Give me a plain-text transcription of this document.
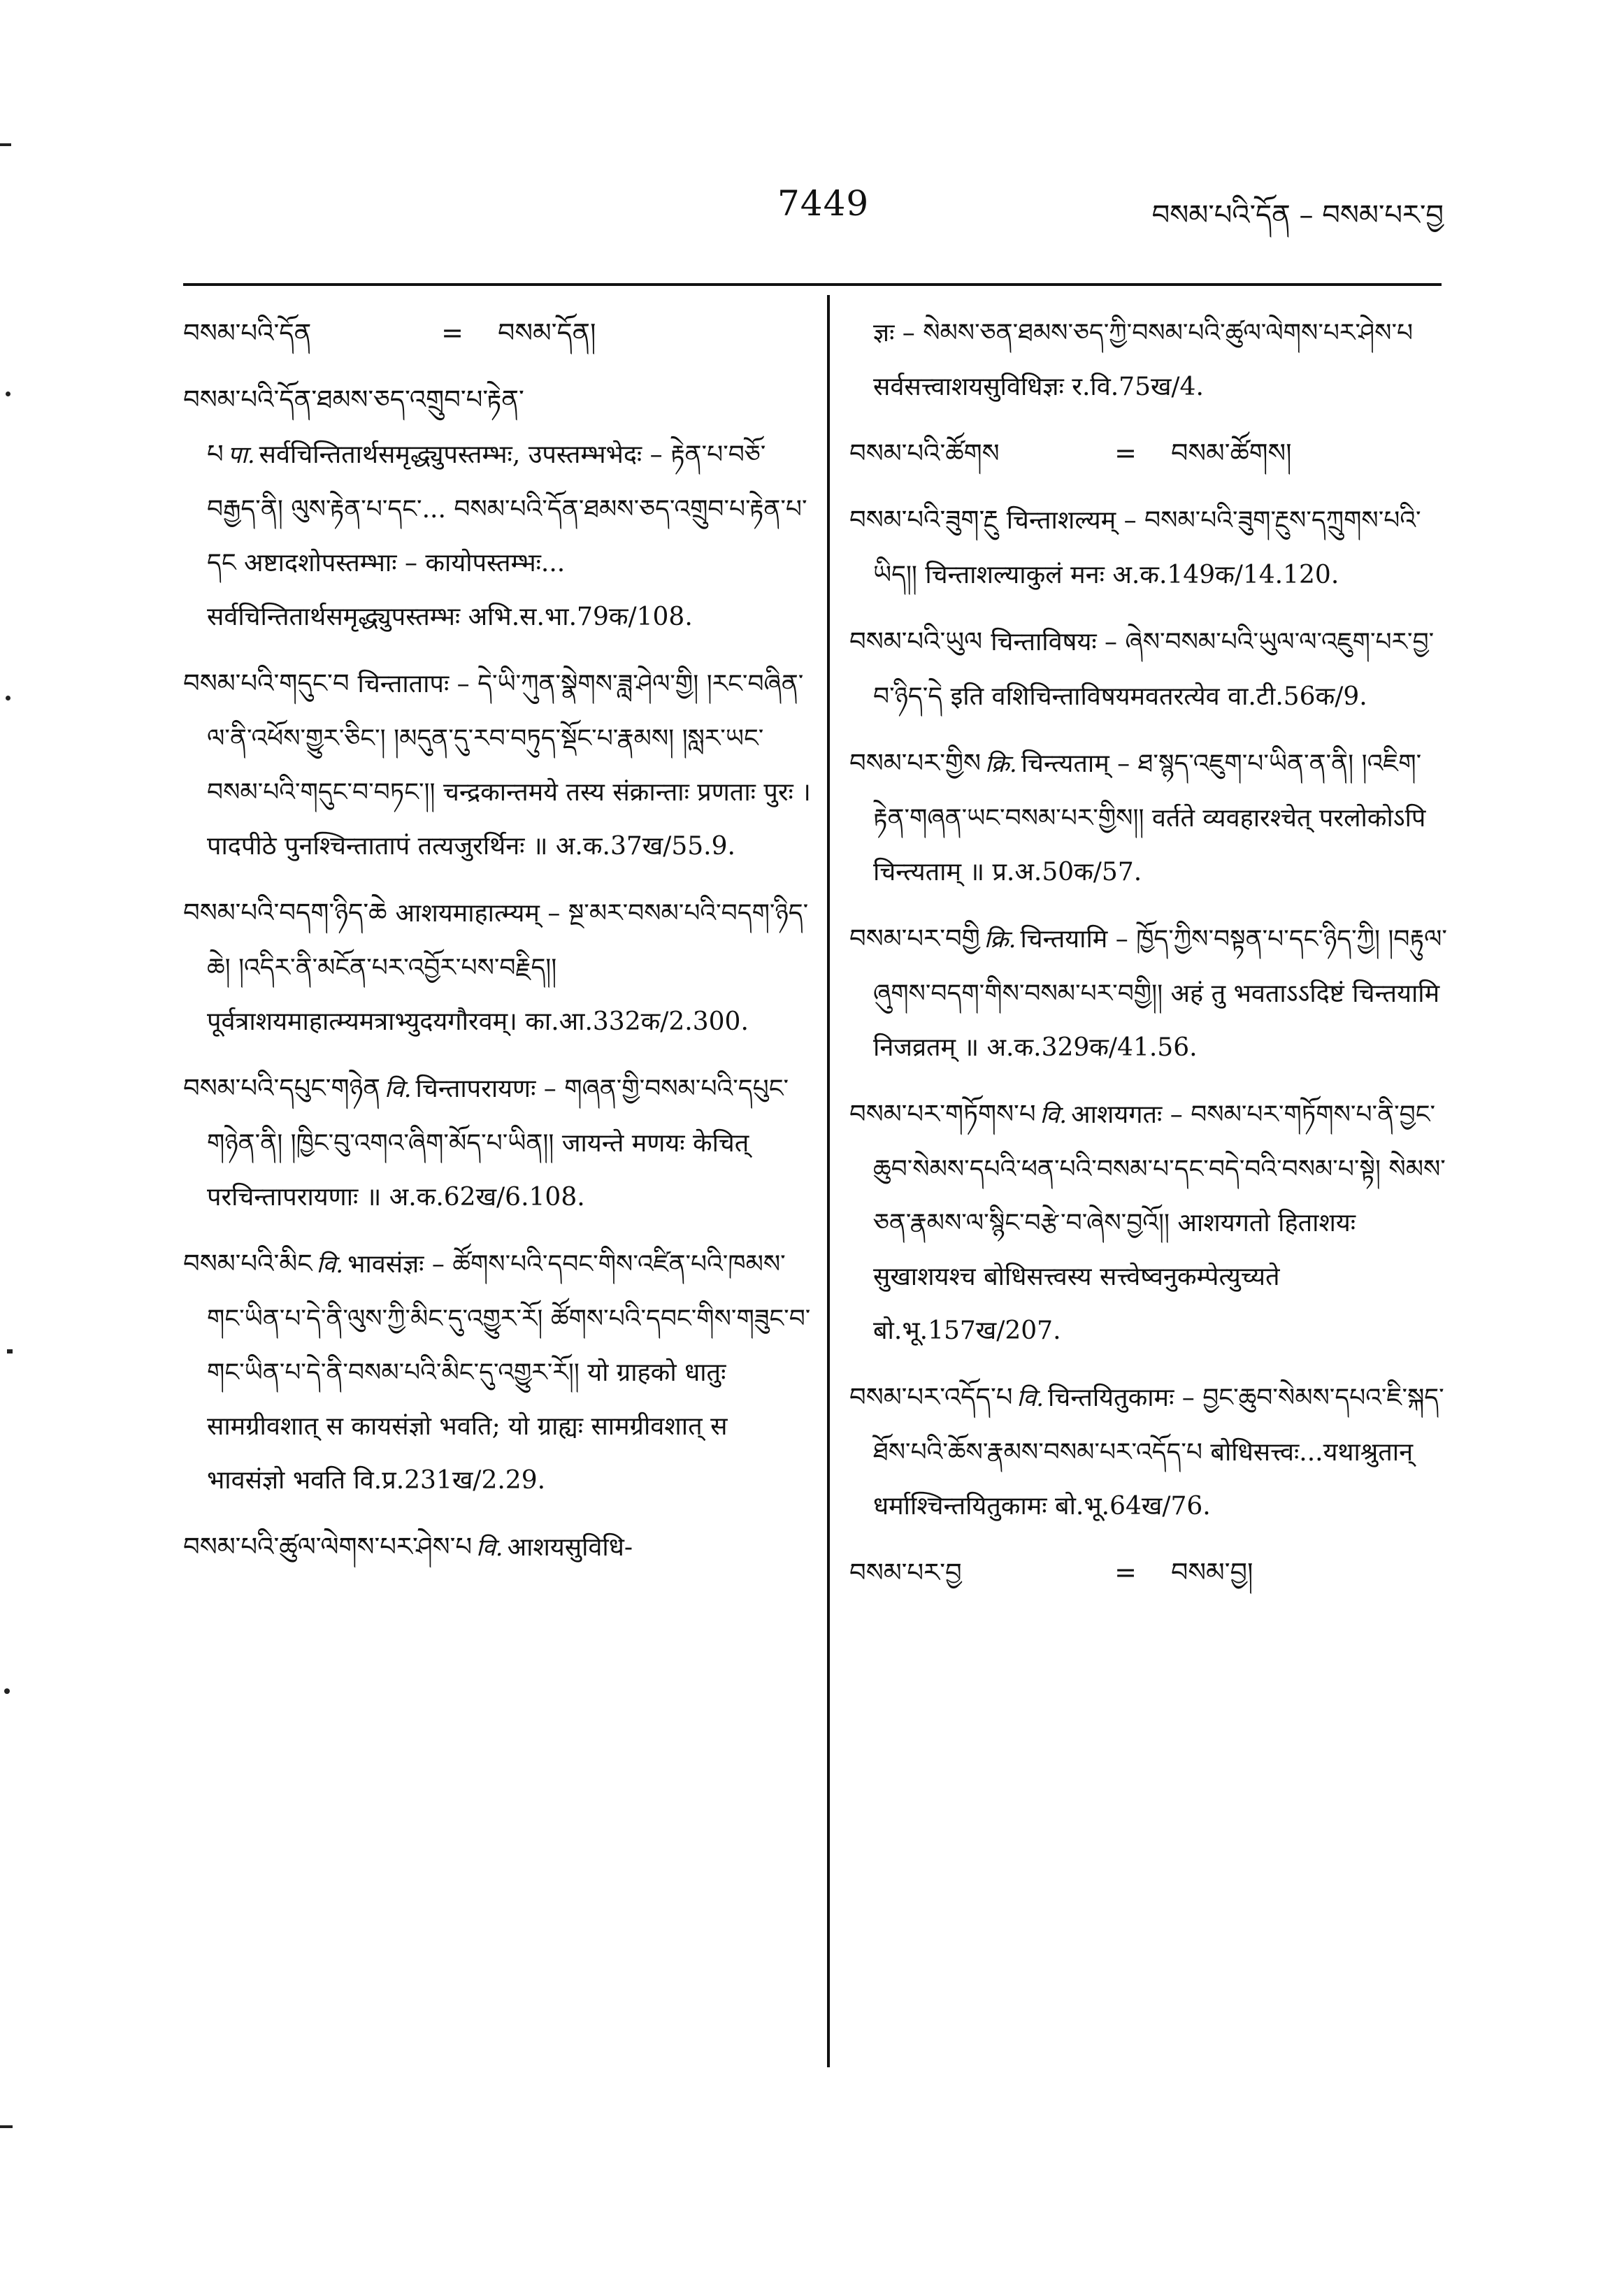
7449	བསམ་པའི་དོན – བསམ་པར་བྱ
བསམ་པའི་དོན	= བསམ་དོན།
བསམ་པའི་དོན་ཐམས་ཅད་འགྲུབ་པ་རྟེན་པ पा. सर्वचिन्तितार्थसमृद्ध्युपस्तम्भः, उपस्तम्भभेदः – རྟེན་པ་བཅོ་བརྒྱད་ནི། ལུས་རྟེན་པ་དང་... བསམ་པའི་དོན་ཐམས་ཅད་འགྲུབ་པ་རྟེན་པ་དང अष्टादशोपस्तम्भाः – कायोपस्तम्भः... सर्वचिन्तितार्थसमृद्ध्युपस्तम्भः अभि.स.भा.79क/108.
བསམ་པའི་གདུང་བ चिन्तातापः – དེ་ཡི་ཀུན་སྣེགས་ཟླ་ཤེལ་གྱི། །རང་བཞིན་ལ་ནི་འཕོས་གྱུར་ཅིང་། །མདུན་དུ་རབ་བཏུད་སྡོང་པ་རྣམས། །སླར་ཡང་བསམ་པའི་གདུང་བ་བཏང་།། चन्द्रकान्तमये तस्य संक्रान्ताः प्रणताः पुरः । पादपीठे पुनश्चिन्तातापं तत्यजुरर्थिनः ॥ अ.क.37ख/55.9.
བསམ་པའི་བདག་ཉིད་ཆེ आशयमाहात्म्यम् – སྔ་མར་བསམ་པའི་བདག་ཉིད་ཆེ། །འདིར་ནི་མངོན་པར་འབྱོར་པས་བརྗིད།། पूर्वत्राशयमाहात्म्यमत्राभ्युदयगौरवम्। का.आ.332क/2.300.
བསམ་པའི་དཔུང་གཉེན वि. चिन्तापरायणः – གཞན་གྱི་བསམ་པའི་དཔུང་གཉེན་ནི། །ཁྱིང་བུ་འགའ་ཞིག་མོད་པ་ཡིན།། जायन्ते मणयः केचित् परचिन्तापरायणाः ॥ अ.क.62ख/6.108.
བསམ་པའི་མིང वि. भावसंज्ञः – ཚོགས་པའི་དབང་གིས་འཛིན་པའི་ཁམས་གང་ཡིན་པ་དེ་ནི་ལུས་ཀྱི་མིང་དུ་འགྱུར་རོ། ཚོགས་པའི་དབང་གིས་གཟུང་བ་གང་ཡིན་པ་དེ་ནི་བསམ་པའི་མིང་དུ་འགྱུར་རོ།། यो ग्राहको धातुः सामग्रीवशात् स कायसंज्ञो भवति; यो ग्राह्यः सामग्रीवशात् स भावसंज्ञो भवति वि.प्र.231ख/2.29.
བསམ་པའི་ཚུལ་ལེགས་པར་ཤེས་པ वि. आशयसुविधि-
ज्ञः – སེམས་ཅན་ཐམས་ཅད་ཀྱི་བསམ་པའི་ཚུལ་ལེགས་པར་ཤེས་པ सर्वसत्त्वाशयसुविधिज्ञः र.वि.75ख/4.
བསམ་པའི་ཚོགས	= བསམ་ཚོགས།
བསམ་པའི་ཟུག་རྔུ चिन्ताशल्यम् – བསམ་པའི་ཟུག་རྔུས་དཀྲུགས་པའི་ཡིད།། चिन्ताशल्याकुलं मनः अ.क.149क/14.120.
བསམ་པའི་ཡུལ चिन्ताविषयः – ཞེས་བསམ་པའི་ཡུལ་ལ་འཇུག་པར་བྱ་བ་ཉིད་དེ इति वशिचिन्ताविषयमवतरत्येव वा.टी.56क/9.
བསམ་པར་གྱིས क्रि. चिन्त्यताम् – ཐ་སྙད་འཇུག་པ་ཡིན་ན་ནི། །འཇིག་རྟེན་གཞན་ཡང་བསམ་པར་གྱིས།། वर्तते व्यवहारश्चेत् परलोकोऽपि चिन्त्यताम् ॥ प्र.अ.50क/57.
བསམ་པར་བགྱི क्रि. चिन्तयामि – ཁྱོད་ཀྱིས་བསྟན་པ་དང་ཉིད་ཀྱི། །བརྟུལ་ཞུགས་བདག་གིས་བསམ་པར་བགྱི།། अहं तु भवताऽऽदिष्टं चिन्तयामि निजव्रतम् ॥ अ.क.329क/41.56.
བསམ་པར་གཏོགས་པ वि. आशयगतः – བསམ་པར་གཏོགས་པ་ནི་བྱང་ཆུབ་སེམས་དཔའི་ཕན་པའི་བསམ་པ་དང་བདེ་བའི་བསམ་པ་སྟེ། སེམས་ཅན་རྣམས་ལ་སྙིང་བརྩེ་བ་ཞེས་བྱའོ།། आशयगतो हिताशयः सुखाशयश्च बोधिसत्त्वस्य सत्त्वेष्वनुकम्पेत्युच्यते बो.भू.157ख/207.
བསམ་པར་འདོད་པ वि. चिन्तयितुकामः – བྱང་ཆུབ་སེམས་དཔའ་ཇི་སྐད་ཐོས་པའི་ཆོས་རྣམས་བསམ་པར་འདོད་པ बोधिसत्त्वः...यथाश्रुतान् धर्माश्चिन्तयितुकामः बो.भू.64ख/76.
བསམ་པར་བྱ	= བསམ་བྱ།
